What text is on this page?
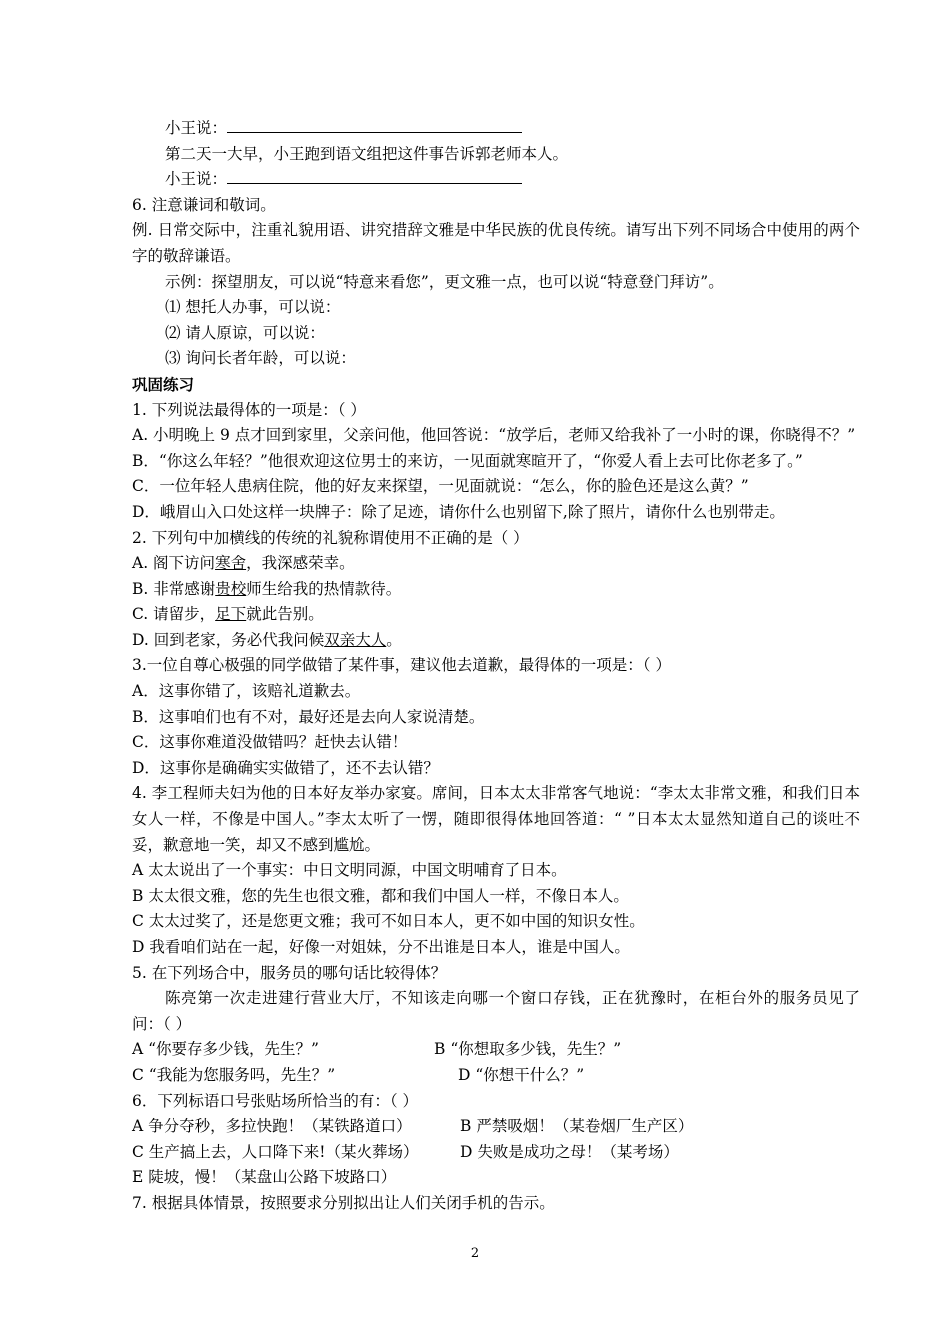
小王说：
第二天一大早，小王跑到语文组把这件事告诉郭老师本人。
小王说：
6. 注意谦词和敬词。
例. 日常交际中，注重礼貌用语、讲究措辞文雅是中华民族的优良传统。请写出下列不同场合中使用的两个字的敬辞谦语。
示例：探望朋友，可以说“特意来看您”，更文雅一点，也可以说“特意登门拜访”。
⑴ 想托人办事，可以说：
⑵ 请人原谅，可以说：
⑶ 询问长者年龄，可以说：
巩固练习
1. 下列说法最得体的一项是：（ ）
A. 小明晚上 9 点才回到家里，父亲问他，他回答说：“放学后，老师又给我补了一小时的课，你晓得不？”
B．“你这么年轻？”他很欢迎这位男士的来访，一见面就寒暄开了，“你爱人看上去可比你老多了。”
C．一位年轻人患病住院，他的好友来探望，一见面就说：“怎么，你的脸色还是这么黄？”
D．峨眉山入口处这样一块牌子：除了足迹，请你什么也别留下,除了照片，请你什么也别带走。
2. 下列句中加横线的传统的礼貌称谓使用不正确的是（ ）
A. 阁下访问寒舍，我深感荣幸。
B. 非常感谢贵校师生给我的热情款待。
C. 请留步，足下就此告别。
D. 回到老家，务必代我问候双亲大人。
3.一位自尊心极强的同学做错了某件事，建议他去道歉，最得体的一项是：（ ）
A．这事你错了，该赔礼道歉去。
B．这事咱们也有不对，最好还是去向人家说清楚。
C．这事你难道没做错吗？赶快去认错！
D．这事你是确确实实做错了，还不去认错？
4. 李工程师夫妇为他的日本好友举办家宴。席间，日本太太非常客气地说：“李太太非常文雅，和我们日本女人一样，不像是中国人。”李太太听了一愣，随即很得体地回答道：“ ”日本太太显然知道自己的谈吐不妥，歉意地一笑，却又不感到尴尬。
A 太太说出了一个事实：中日文明同源，中国文明哺育了日本。
B 太太很文雅，您的先生也很文雅，都和我们中国人一样，不像日本人。
C 太太过奖了，还是您更文雅；我可不如日本人，更不如中国的知识女性。
D 我看咱们站在一起，好像一对姐妹，分不出谁是日本人，谁是中国人。
5. 在下列场合中，服务员的哪句话比较得体？
陈亮第一次走进建行营业大厅，不知该走向哪一个窗口存钱，正在犹豫时，在柜台外的服务员见了问：（ ）
A “你要存多少钱，先生？”	B “你想取多少钱，先生？”
C “我能为您服务吗，先生？”	D “你想干什么？”
6．下列标语口号张贴场所恰当的有：（ ）
A 争分夺秒，多拉快跑！（某铁路道口）	B 严禁吸烟！（某卷烟厂生产区）
C 生产搞上去，人口降下来!（某火葬场）	D 失败是成功之母！（某考场）
E 陡坡，慢！（某盘山公路下坡路口）
7. 根据具体情景，按照要求分别拟出让人们关闭手机的告示。
2
